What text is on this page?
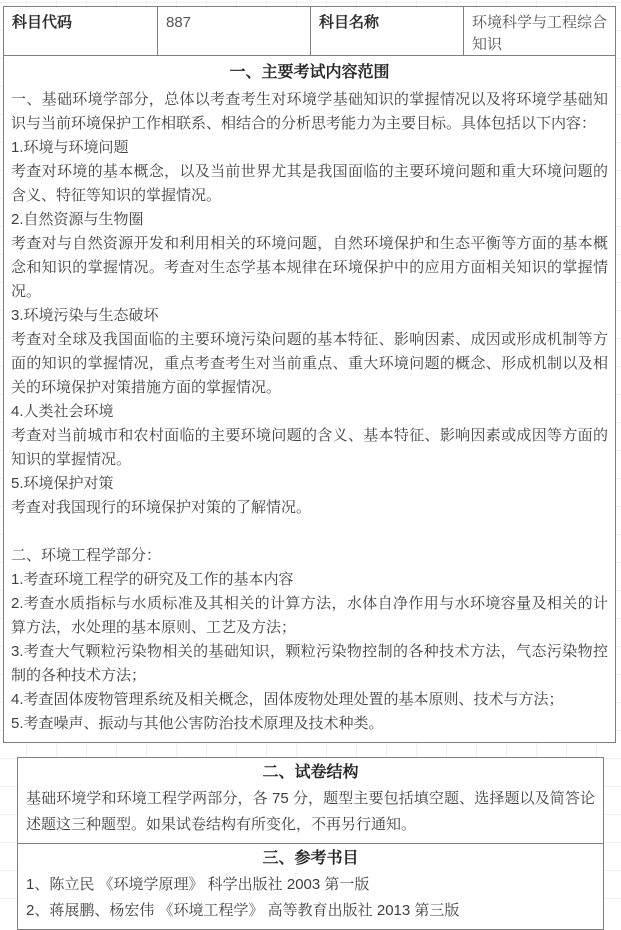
科目代码	887	科目名称	环境科学与工程综合知识
一、主要考试内容范围
一、基础环境学部分，总体以考查考生对环境学基础知识的掌握情况以及将环境学基础知识与当前环境保护工作相联系、相结合的分析思考能力为主要目标。具体包括以下内容：
1.环境与环境问题
考查对环境的基本概念，以及当前世界尤其是我国面临的主要环境问题和重大环境问题的含义、特征等知识的掌握情况。
2.自然资源与生物圈
考查对与自然资源开发和利用相关的环境问题，自然环境保护和生态平衡等方面的基本概念和知识的掌握情况。考查对生态学基本规律在环境保护中的应用方面相关知识的掌握情况。
3.环境污染与生态破坏
考查对全球及我国面临的主要环境污染问题的基本特征、影响因素、成因或形成机制等方面的知识的掌握情况，重点考查考生对当前重点、重大环境问题的概念、形成机制以及相关的环境保护对策措施方面的掌握情况。
4.人类社会环境
考查对当前城市和农村面临的主要环境问题的含义、基本特征、影响因素或成因等方面的知识的掌握情况。
5.环境保护对策
考查对我国现行的环境保护对策的了解情况。
二、环境工程学部分：
1.考查环境工程学的研究及工作的基本内容
2.考查水质指标与水质标准及其相关的计算方法，水体自净作用与水环境容量及相关的计算方法，水处理的基本原则、工艺及方法；
3.考查大气颗粒污染物相关的基础知识，颗粒污染物控制的各种技术方法，气态污染物控制的各种技术方法；
4.考查固体废物管理系统及相关概念，固体废物处理处置的基本原则、技术与方法；
5.考查噪声、振动与其他公害防治技术原理及技术种类。
二、试卷结构
基础环境学和环境工程学两部分，各 75 分，题型主要包括填空题、选择题以及简答论述题这三种题型。如果试卷结构有所变化，不再另行通知。
三、参考书目
1、陈立民 《环境学原理》 科学出版社 2003 第一版
2、蒋展鹏、杨宏伟 《环境工程学》 高等教育出版社 2013 第三版
